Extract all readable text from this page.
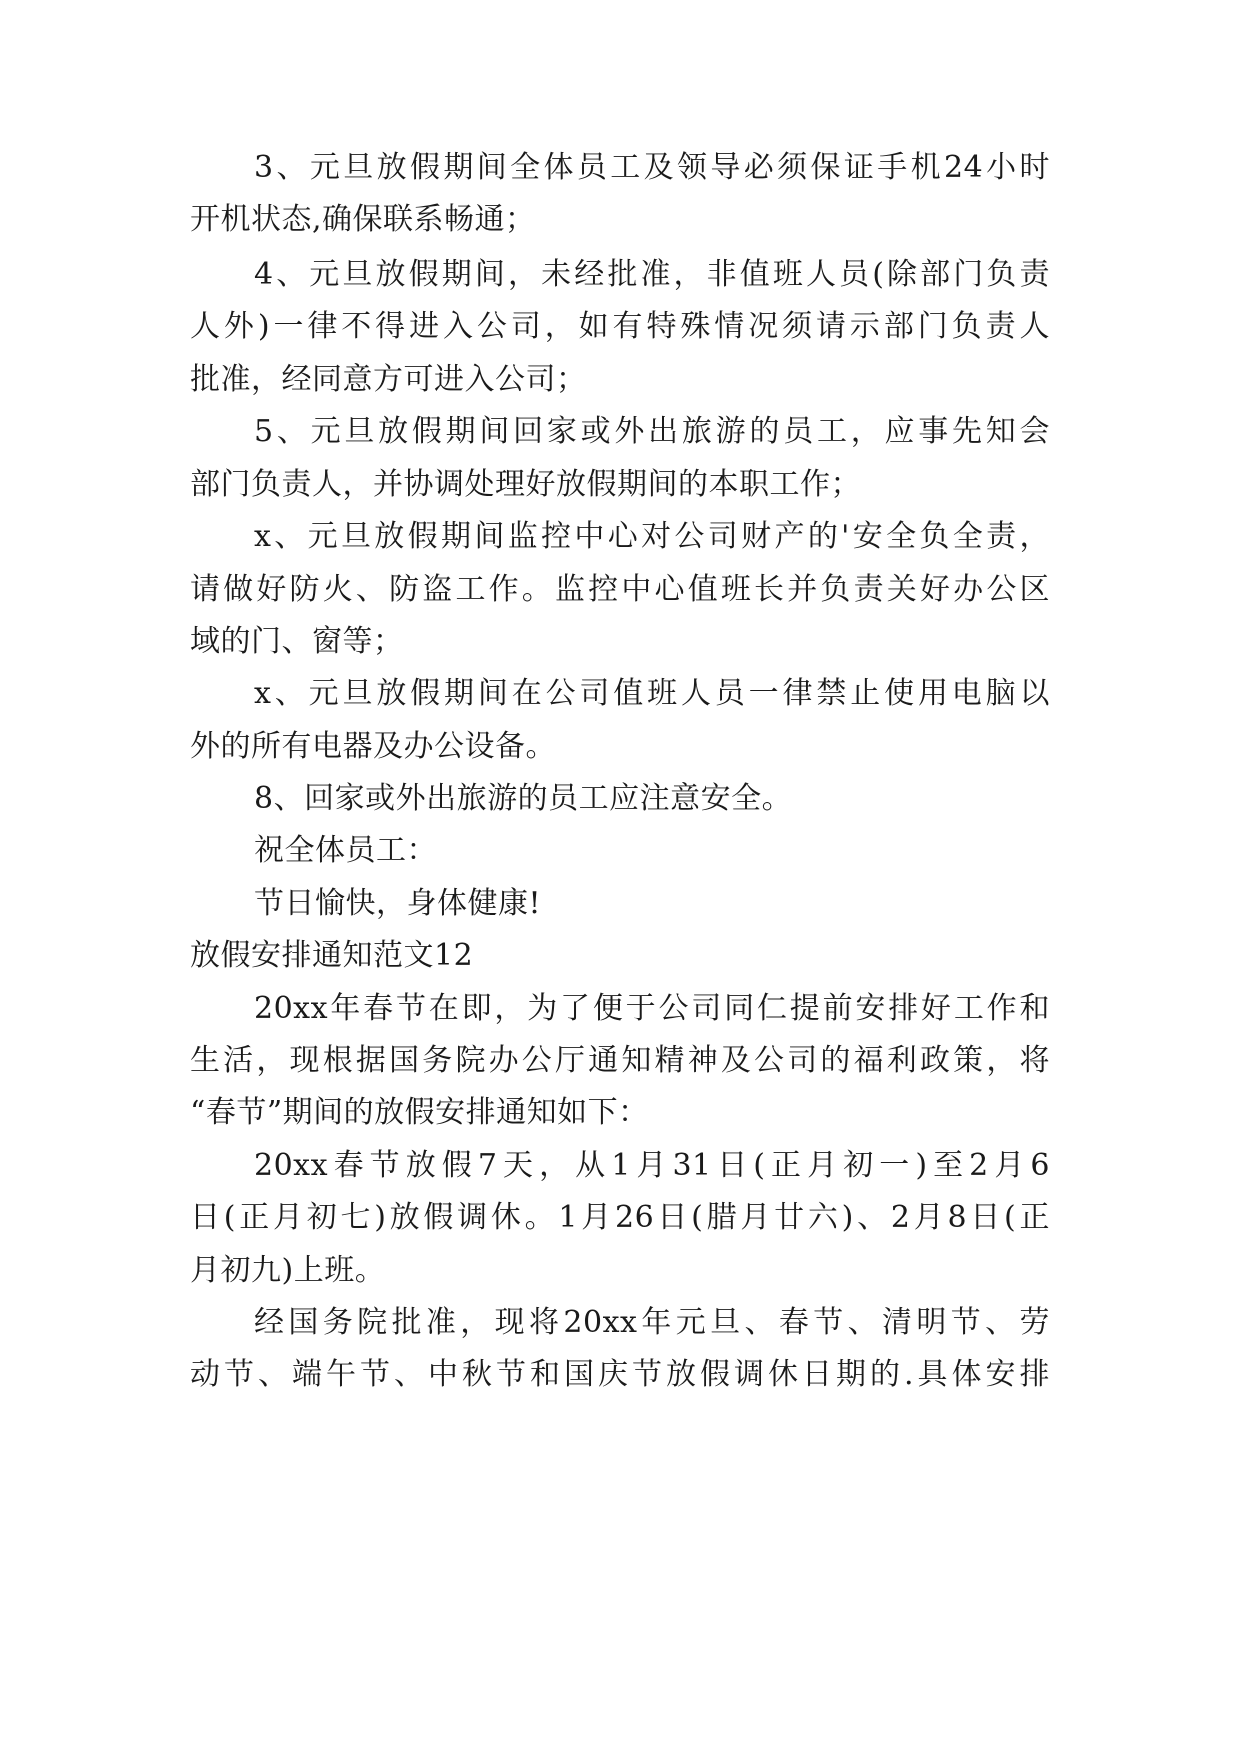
3、元旦放假期间全体员工及领导必须保证手机24小时
开机状态,确保联系畅通；
4、元旦放假期间，未经批准，非值班人员(除部门负责
人外)一律不得进入公司，如有特殊情况须请示部门负责人
批准，经同意方可进入公司；
5、元旦放假期间回家或外出旅游的员工，应事先知会
部门负责人，并协调处理好放假期间的本职工作；
x、元旦放假期间监控中心对公司财产的'安全负全责，
请做好防火、防盗工作。监控中心值班长并负责关好办公区
域的门、窗等；
x、元旦放假期间在公司值班人员一律禁止使用电脑以
外的所有电器及办公设备。
8、回家或外出旅游的员工应注意安全。
祝全体员工：
节日愉快，身体健康!
放假安排通知范文12
20xx年春节在即，为了便于公司同仁提前安排好工作和
生活，现根据国务院办公厅通知精神及公司的福利政策，将
“春节”期间的放假安排通知如下：
20xx春节放假7天，从1月31日(正月初一)至2月6
日(正月初七)放假调休。1月26日(腊月廿六)、2月8日(正
月初九)上班。
经国务院批准，现将20xx年元旦、春节、清明节、劳
动节、端午节、中秋节和国庆节放假调休日期的.具体安排
